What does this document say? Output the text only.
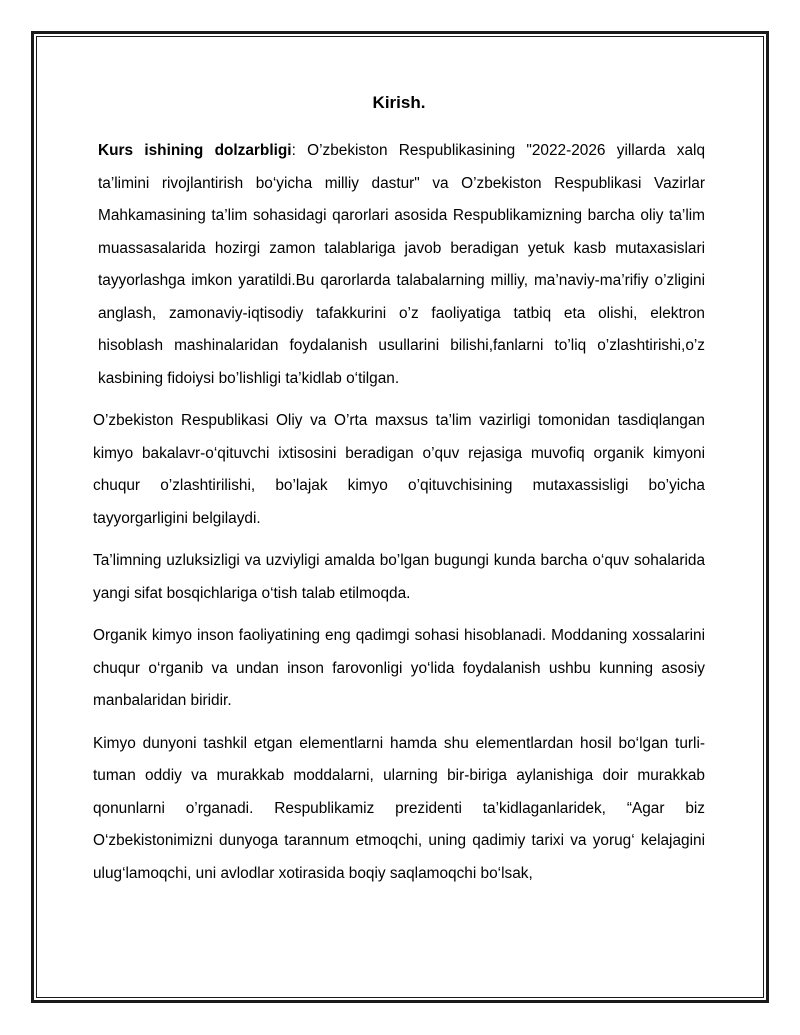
Kirish.

Kurs ishining dolzarbligi: O’zbekiston Respublikasining "2022-2026 yillarda xalq ta’limini rivojlantirish bo‘yicha milliy dastur" va O’zbekiston Respublikasi Vazirlar Mahkamasining ta’lim sohasidagi qarorlari asosida Respublikamizning barcha oliy ta’lim muassasalarida hozirgi zamon talablariga javob beradigan yetuk kasb mutaxasislari tayyorlashga imkon yaratildi.Bu qarorlarda talabalarning milliy, ma’naviy-ma’rifiy o’zligini anglash, zamonaviy-iqtisodiy tafakkurini o’z faoliyatiga tatbiq eta olishi, elektron hisoblash mashinalaridan foydalanish usullarini bilishi,fanlarni to’liq o’zlashtirishi,o’z kasbining fidoiysi bo’lishligi ta’kidlab o‘tilgan.

O’zbekiston Respublikasi Oliy va O’rta maxsus ta’lim vazirligi tomonidan tasdiqlangan kimyo bakalavr-o‘qituvchi ixtisosini beradigan o’quv rejasiga muvofiq organik kimyoni chuqur o’zlashtirilishi, bo’lajak kimyo o’qituvchisining mutaxassisligi bo’yicha tayyorgarligini belgilaydi.

Ta’limning uzluksizligi va uzviyligi amalda bo’lgan bugungi kunda barcha o‘quv sohalarida yangi sifat bosqichlariga o‘tish talab etilmoqda.

Organik kimyo inson faoliyatining eng qadimgi sohasi hisoblanadi. Moddaning xossalarini chuqur o‘rganib va undan inson farovonligi yo‘lida foydalanish ushbu kunning asosiy manbalaridan biridir.

Kimyo dunyoni tashkil etgan elementlarni hamda shu elementlardan hosil bo‘lgan turli-tuman oddiy va murakkab moddalarni, ularning bir-biriga aylanishiga doir murakkab qonunlarni o’rganadi. Respublikamiz prezidenti ta’kidlaganlaridek, “Agar biz O‘zbekistonimizni dunyoga tarannum etmoqchi, uning qadimiy tarixi va yorug‘ kelajagini ulug‘lamoqchi, uni avlodlar xotirasida boqiy saqlamoqchi bo‘lsak,
